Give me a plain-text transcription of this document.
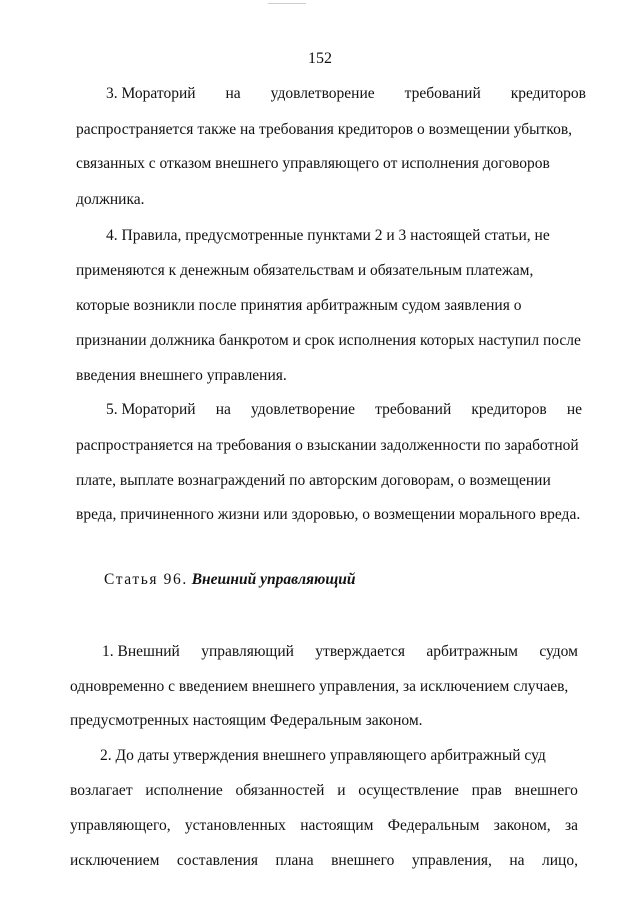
152
3. Мораторий на удовлетворение требований кредиторов
распространяется также на требования кредиторов о возмещении убытков,
связанных с отказом внешнего управляющего от исполнения договоров
должника.
4. Правила, предусмотренные пунктами 2 и 3 настоящей статьи, не
применяются к денежным обязательствам и обязательным платежам,
которые возникли после принятия арбитражным судом заявления о
признании должника банкротом и срок исполнения которых наступил после
введения внешнего управления.
5. Мораторий на удовлетворение требований кредиторов не
распространяется на требования о взыскании задолженности по заработной
плате, выплате вознаграждений по авторским договорам, о возмещении
вреда, причиненного жизни или здоровью, о возмещении морального вреда.
Статья 96. Внешний управляющий
1. Внешний управляющий утверждается арбитражным судом
одновременно с введением внешнего управления, за исключением случаев,
предусмотренных настоящим Федеральным законом.
2. До даты утверждения внешнего управляющего арбитражный суд
возлагает исполнение обязанностей и осуществление прав внешнего
управляющего, установленных настоящим Федеральным законом, за
исключением составления плана внешнего управления, на лицо,
